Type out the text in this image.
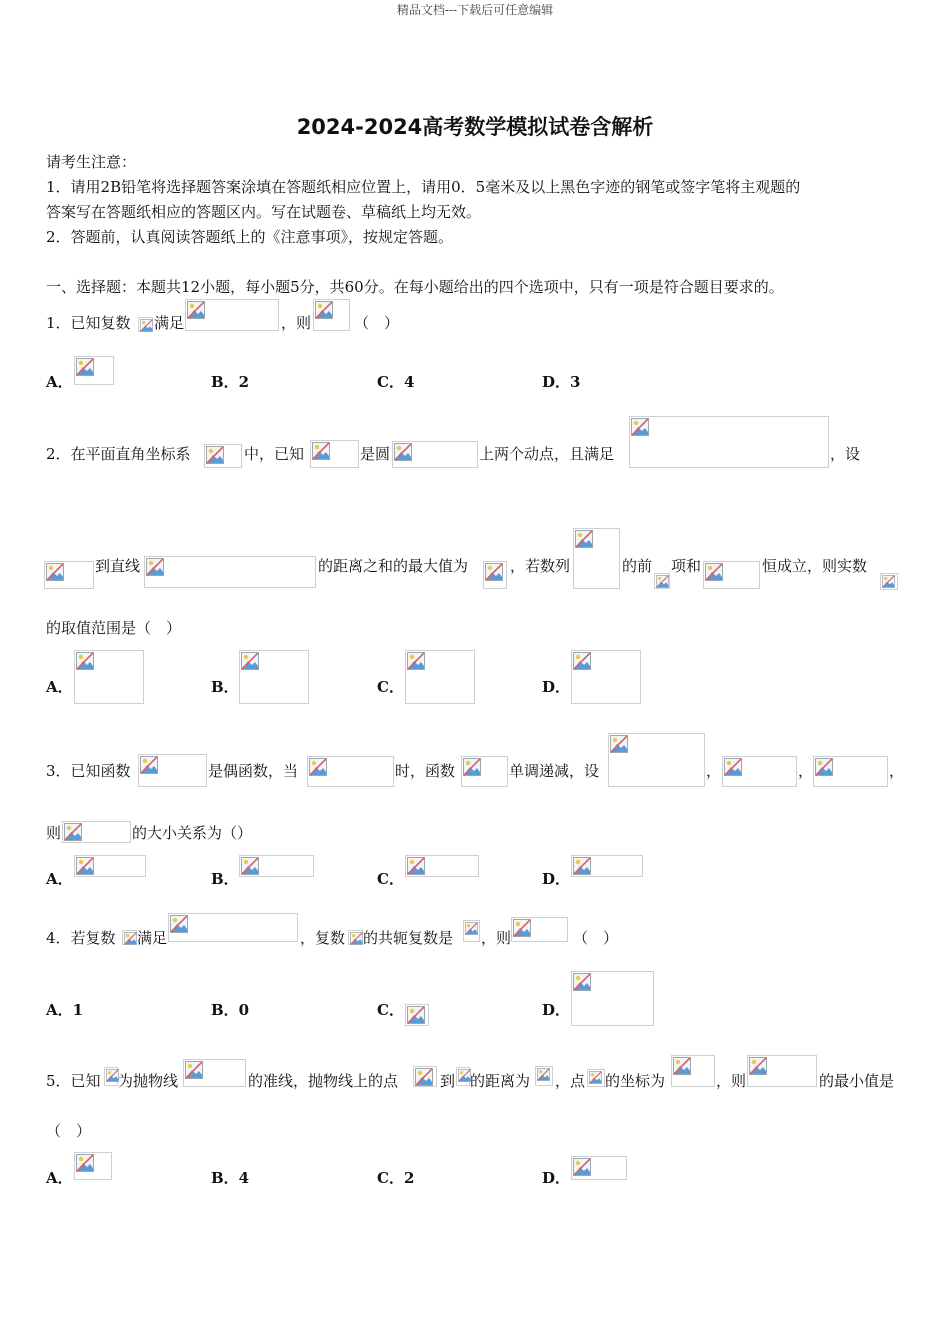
精品文档---下载后可任意编辑
2024-2024高考数学模拟试卷含解析
请考生注意：
1．请用2B铅笔将选择题答案涂填在答题纸相应位置上，请用0．5毫米及以上黑色字迹的钢笔或签字笔将主观题的
答案写在答题纸相应的答题区内。写在试题卷、草稿纸上均无效。
2．答题前，认真阅读答题纸上的《注意事项》，按规定答题。
一、选择题：本题共12小题，每小题5分，共60分。在每小题给出的四个选项中，只有一项是符合题目要求的。
1．已知复数 满足	，则	（　）
A．	B．2	C．4	D．3
2．在平面直角坐标系	中，已知	是圆	上两个动点，且满足	，设
到直线	的距离之和的最大值为	，若数列	的前 项和	恒成立，则实数
的取值范围是（　）
A．	B．	C．	D．
3．已知函数	是偶函数，当	时，函数	单调递减，设	，	，	，
则	的大小关系为（）
A．	B．	C．	D．
4．若复数 满足	，复数 的共轭复数是 ，则	（　）
A．1	B．0	C．	D．
5．已知 为抛物线	的准线，抛物线上的点	到 的距离为 ，点 的坐标为	，则	的最小值是
（　）
A．	B．4	C．2	D．
